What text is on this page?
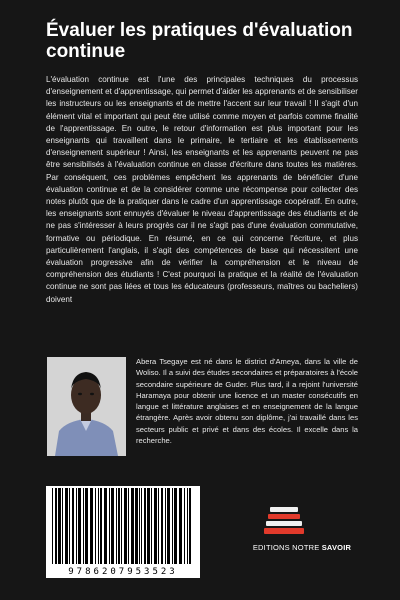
Évaluer les pratiques d'évaluation continue

L'évaluation continue est l'une des principales techniques du processus d'enseignement et d'apprentissage, qui permet d'aider les apprenants et de sensibiliser les instructeurs ou les enseignants et de mettre l'accent sur leur travail ! Il s'agit d'un élément vital et important qui peut être utilisé comme moyen et parfois comme finalité de l'apprentissage. En outre, le retour d'information est plus important pour les enseignants qui travaillent dans le primaire, le tertiaire et les établissements d'enseignement supérieur ! Ainsi, les enseignants et les apprenants peuvent ne pas être sensibilisés à l'évaluation continue en classe d'écriture dans toutes les matières. Par conséquent, ces problèmes empêchent les apprenants de bénéficier d'une évaluation continue et de la considérer comme une récompense pour collecter des notes plutôt que de la pratiquer dans le cadre d'un apprentissage coopératif. En outre, les enseignants sont ennuyés d'évaluer le niveau d'apprentissage des étudiants et de ne pas s'intéresser à leurs progrès car il ne s'agit pas d'une évaluation commutative, formative ou périodique. En résumé, en ce qui concerne l'écriture, et plus particulièrement l'anglais, il s'agit des compétences de base qui nécessitent une évaluation progressive afin de vérifier la compréhension et le niveau de compréhension des étudiants ! C'est pourquoi la pratique et la réalité de l'évaluation continue ne sont pas liées et tous les éducateurs (professeurs, maîtres ou bacheliers) doivent

Abera Tsegaye est né dans le district d'Ameya, dans la ville de Woliso. Il a suivi des études secondaires et préparatoires à l'école secondaire supérieure de Guder. Plus tard, il a rejoint l'université Haramaya pour obtenir une licence et un master consécutifs en langue et littérature anglaises et en enseignement de la langue étrangère. Après avoir obtenu son diplôme, j'ai travaillé dans les secteurs public et privé et dans des écoles. Il excelle dans la recherche.

9786207953523
EDITIONS NOTRE SAVOIR
